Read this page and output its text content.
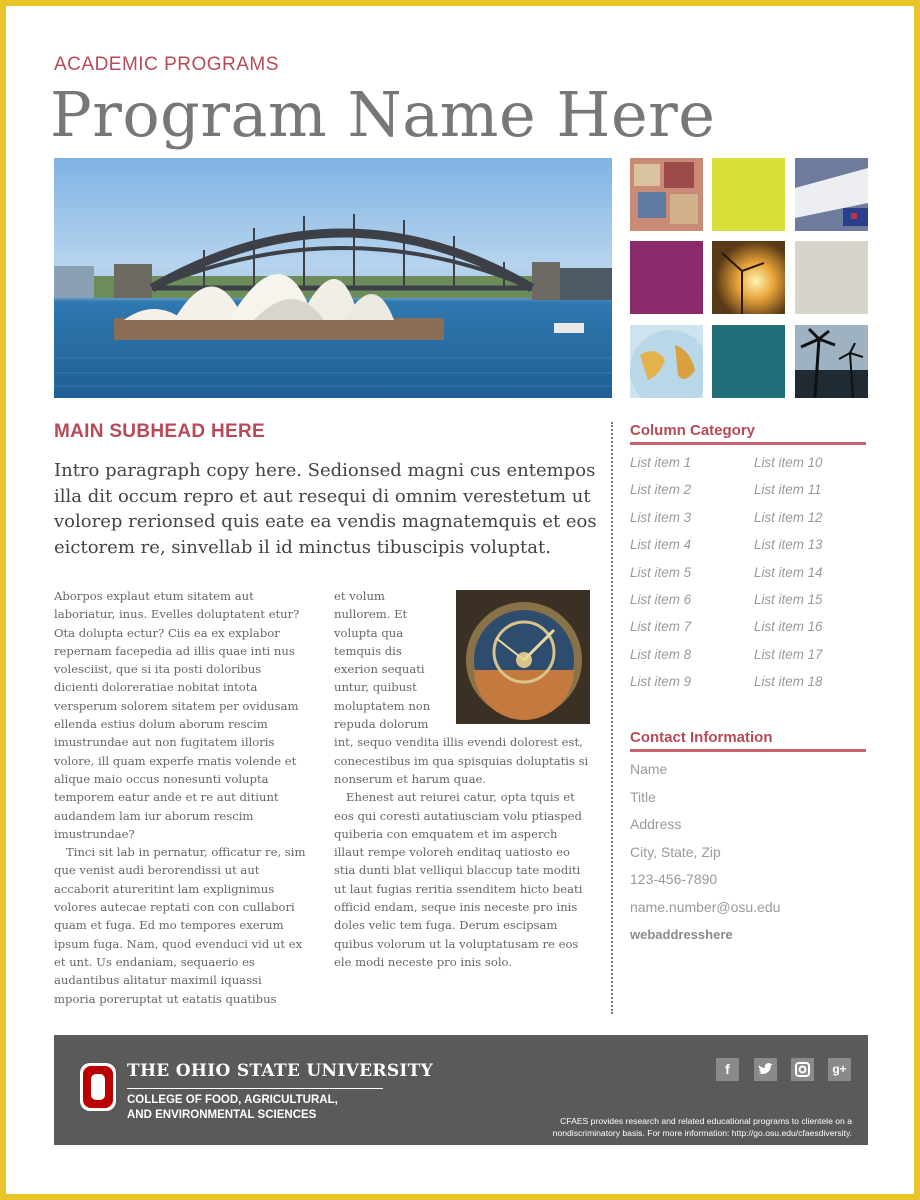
ACADEMIC PROGRAMS
Program Name Here
MAIN SUBHEAD HERE
Intro paragraph copy here. Sedionsed magni cus entempos illa dit occum repro et aut resequi di omnim verestetum ut volorep rerionsed quis eate ea vendis magnatemquis et eos eictorem re, sinvellab il id minctus tibuscipis voluptat.

Aborpos explaut etum sitatem aut laboriatur, inus. Evelles doluptatent etur? Ota dolupta ectur? Ciis ea ex explabor repernam facepedia ad illis quae inti nus volesciist, que si ita posti doloribus dicienti doloreratiae nobitat intota versperum solorem sitatem per ovidusam ellenda estius dolum aborum rescim imustrundae aut non fugitatem illoris volore, ill quam experfe rnatis volende et alique maio occus nonesunti volupta temporem eatur ande et re aut ditiunt audandem lam iur aborum rescim imustrundae?

Tinci sit lab in pernatur, officatur re, sim que venist audi berorendissi ut aut accaborit atureritint lam explignimus volores autecae reptati con con cullabori quam et fuga. Ed mo tempores exerum ipsum fuga. Nam, quod evenduci vid ut ex et unt. Us endaniam, sequaerio es audantibus alitatur maximil iquassi mporia poreruptat ut eatatis quatibus

et volum nullorem. Et volupta qua temquis dis exerion sequati untur, quibust moluptatem non repuda dolorum int, sequo vendita illis evendi dolorest est, conecestibus im qua spisquias doluptatis si nonserum et harum quae.

Ehenest aut reiurei catur, opta tquis et eos qui coresti autatiusciam volu ptiasped quiberia con emquatem et im asperch illaut rempe voloreh enditaq uatiosto eo stia dunti blat velliqui blaccup tate moditi ut laut fugias reritia ssenditem hicto beati officid endam, seque inis neceste pro inis doles velic tem fuga. Derum escipsam quibus volorum ut la voluptatusam re eos ele modi neceste pro inis solo.

Column Category
List item 1
List item 2
List item 3
List item 4
List item 5
List item 6
List item 7
List item 8
List item 9
List item 10
List item 11
List item 12
List item 13
List item 14
List item 15
List item 16
List item 17
List item 18
Contact Information
Name
Title
Address
City, State, Zip
123-456-7890
name.number@osu.edu
webaddresshere
THE OHIO STATE UNIVERSITY
COLLEGE OF FOOD, AGRICULTURAL,
AND ENVIRONMENTAL SCIENCES
f	g+
CFAES provides research and related educational programs to clientele on a
nondiscriminatory basis. For more information: http://go.osu.edu/cfaesdiversity.
